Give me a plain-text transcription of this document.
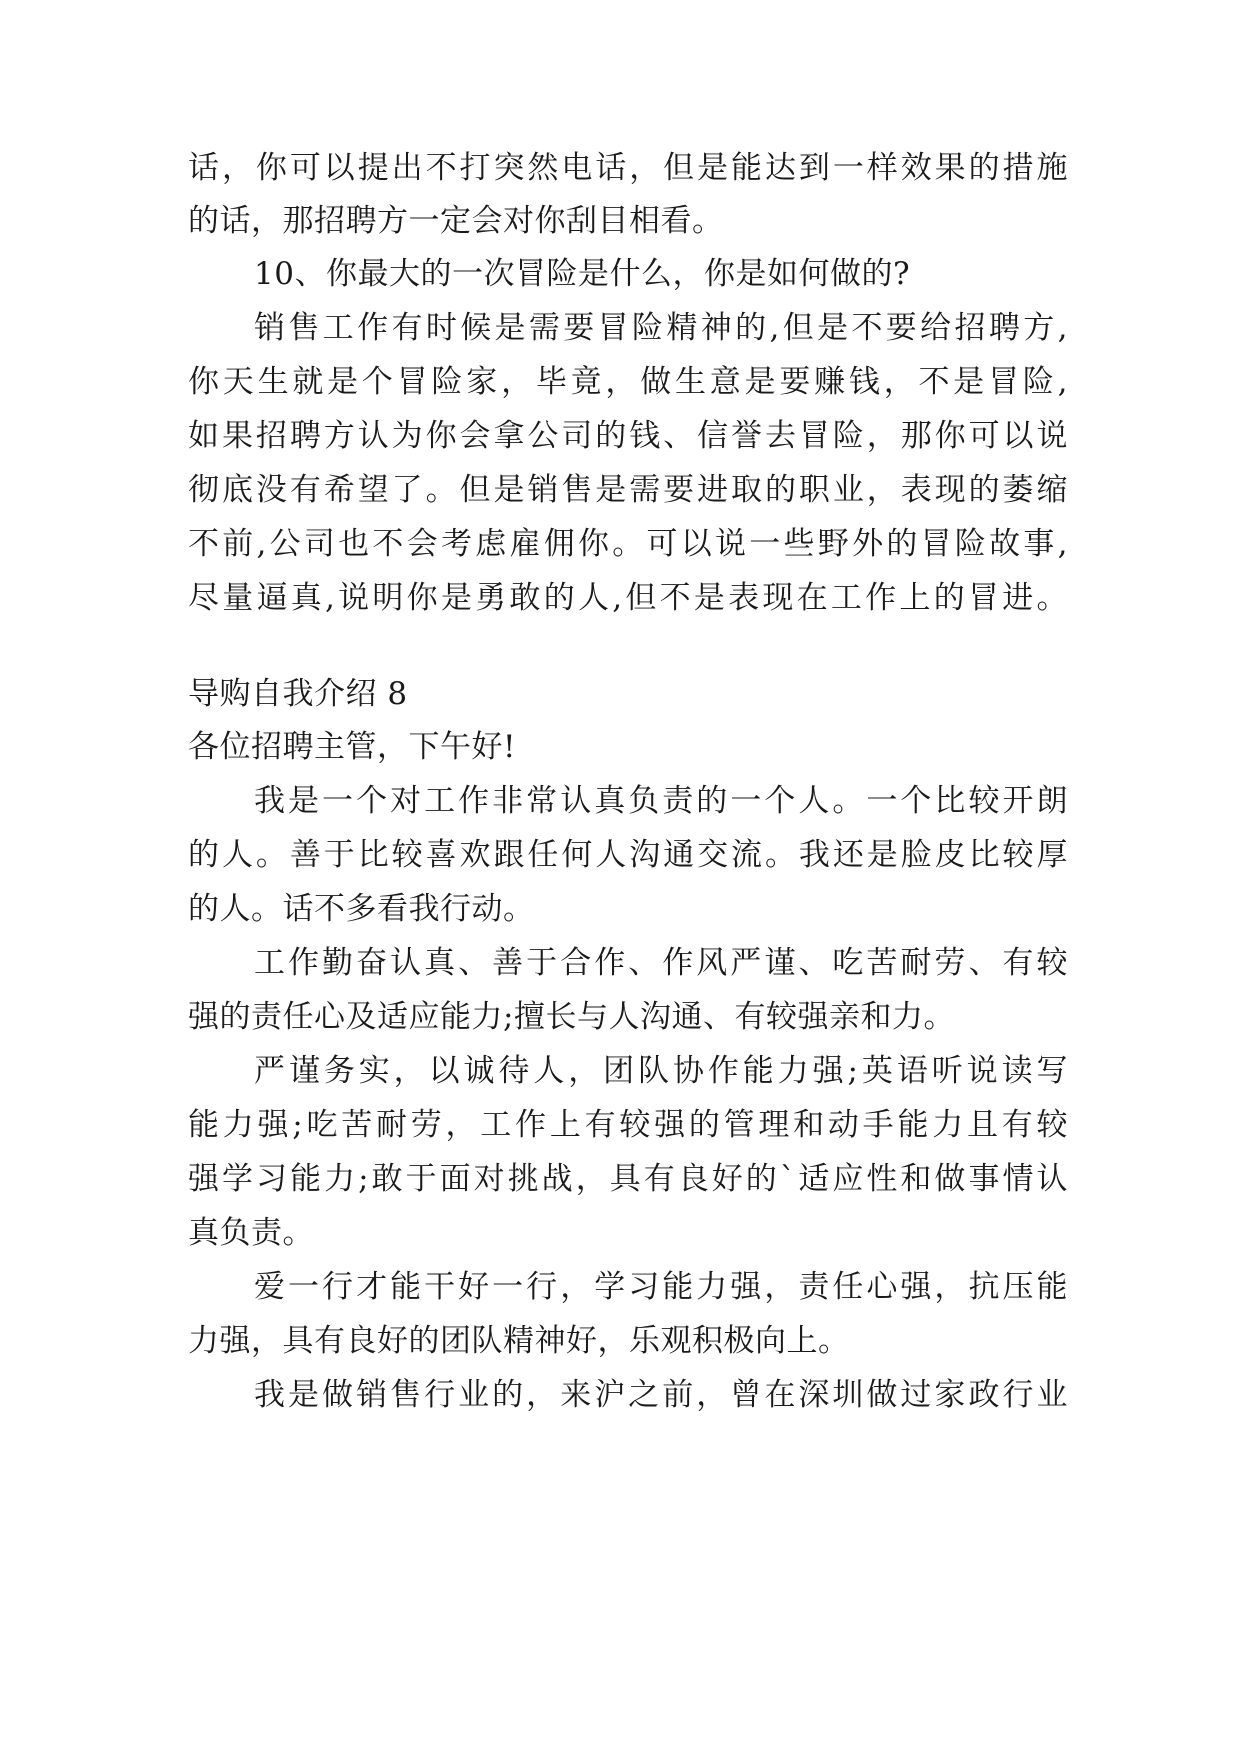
话，你可以提出不打突然电话，但是能达到一样效果的措施
的话，那招聘方一定会对你刮目相看。
10、你最大的一次冒险是什么，你是如何做的?
销售工作有时候是需要冒险精神的,但是不要给招聘方,
你天生就是个冒险家，毕竟，做生意是要赚钱，不是冒险,
如果招聘方认为你会拿公司的钱、信誉去冒险，那你可以说
彻底没有希望了。但是销售是需要进取的职业，表现的萎缩
不前,公司也不会考虑雇佣你。可以说一些野外的冒险故事,
尽量逼真,说明你是勇敢的人,但不是表现在工作上的冒进。
导购自我介绍 8
各位招聘主管，下午好!
我是一个对工作非常认真负责的一个人。一个比较开朗
的人。善于比较喜欢跟任何人沟通交流。我还是脸皮比较厚
的人。话不多看我行动。
工作勤奋认真、善于合作、作风严谨、吃苦耐劳、有较
强的责任心及适应能力;擅长与人沟通、有较强亲和力。
严谨务实，以诚待人，团队协作能力强;英语听说读写
能力强;吃苦耐劳，工作上有较强的管理和动手能力且有较
强学习能力;敢于面对挑战，具有良好的`适应性和做事情认
真负责。
爱一行才能干好一行，学习能力强，责任心强，抗压能
力强，具有良好的团队精神好，乐观积极向上。
我是做销售行业的，来沪之前，曾在深圳做过家政行业
